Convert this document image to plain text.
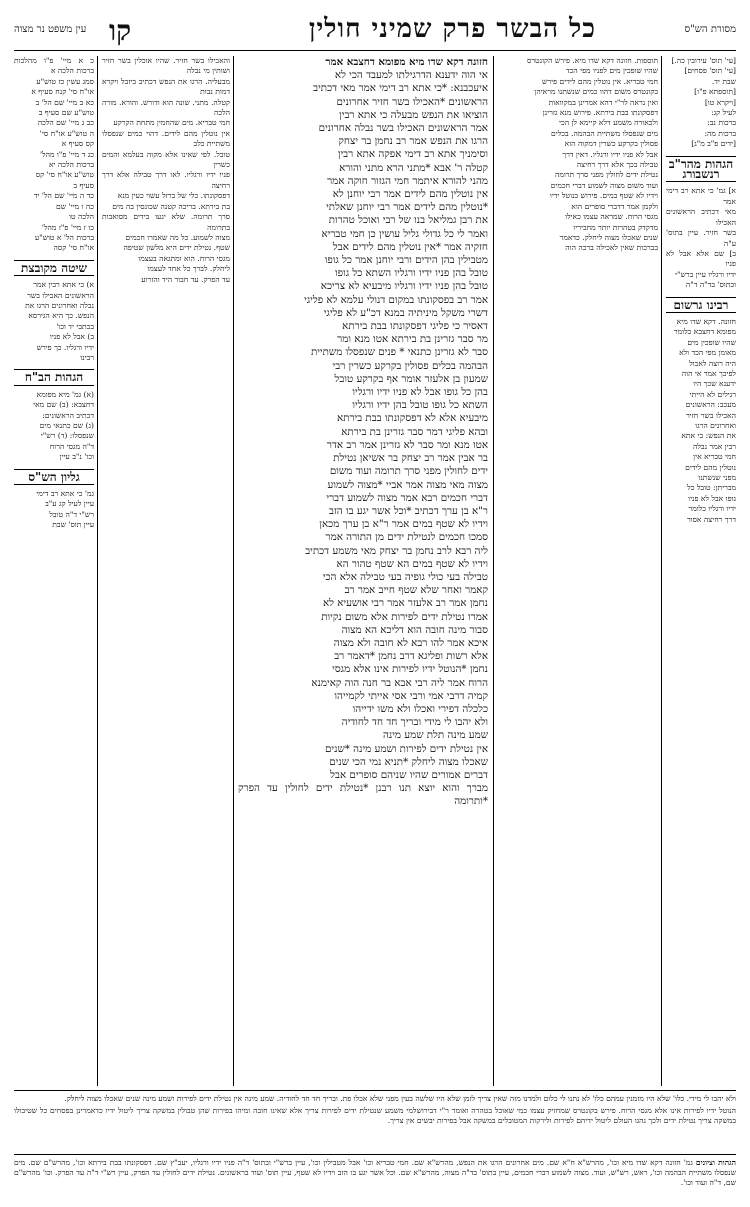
מסורת הש"ס
כל הבשר פרק שמיני חולין
קו
עין משפט נר מצוה
[עי' תוס' עירובין כה.]
[עי' תוס' פסחים]
שבת יד.
[תוספתא פ"ו]
[ויקרא טו]
לעיל קג:
ברכות נב:
ברכות מה:
[ידים פ"ב מ"ג]
הגהות מהר"ב רנשבורג
א] גמ' כי אתא רב דימי אמר
מאי דכתיב הראשונים האכילו
בשר חזיר. עיין בתוס' ע"ה
ב] שם אלא אבל לא פניו
ידיו ורגליו עיין ברש"י
ובתוס' בד"ה ד"ה
רבינו גרשום
חזונה. דקא שדו מיא
מפומא דחצבא כלומר
שהיו שופכין מים
מאומן מפי הכד ולא
היה רוצה לאכול
לפיכך אמר אי הוה
ידענא שכך היו
רגילים לא הייתי
מעכב: הראשונים
האכילו בשר חזיר
ואחרונים הרגו
את הנפש: כי אתא
רבין אמר נבלה
חמי טבריא אין
נוטלין מהם לידים
מפני שנשתנו
מבריתן: טובל כל
גופו אבל לא פניו
ידיו ורגליו כלומר
דרך רחיצה אסור
תוספות. חזונה דקא שדו מיא. פירש הקונטרס
שהיו שופכין מים לפניו מפי הכד
חמי טבריא. אין נוטלין מהם לידים פירש
בקונטרס משום דהוו כמים שנשתנו מראיהן
ואין נראה לר"י דהא אמרינן במקוואות
דפסקונתו בבת בירתא. פירוש מנא גזרינן
ולכאורה משמע דלא קיימא לן הכי
מים שנפסלו משתיית הבהמה. בכלים
פסולין בקרקע כשרין דמקוה הוא
אבל לא פניו ידיו ורגליו. דאין דרך
טבילה בכך אלא דרך רחיצה
נטילת ידים לחולין מפני סרך תרומה
ועוד משום מצוה לשמוע דברי חכמים
וידיו לא שטף במים. פירוש בנוטל ידיו
ולקמן אמר דדברי סופרים הוא
מגסי הרוח. שמראה עצמו כאילו
מדקדק בטהרות יותר מחביריו
שנים שאכלו מצוה ליחלק. כדאמר
בברכות שאין לאכילה ברכה הוה
חזונה דקא שדו מיא מפומא דחצבא אמר
אי הוה ידענא הדרגילתו למעבד הכי לא
איעכבנא: *כי אתא רב דימי אמר מאי דכתיב
הראשונים *האכילו בשר חזיר אחרונים
הוציאו את הנפש מבעלה כי אתא רבין
אמר הראשונים האכילו בשר נבלה אחרונים
הרגו את הנפש אמר רב נחמן בר יצחק
וסימניך אתא רב דימי אפקה אתא רבין
קטלה ר' אבא *מתני הרא מתני והורא
מהני להורא איתמר חמי הגזור חוקה אמר
אין נוטלין מהם לידים אמר רבי יוחנן לא
*נוטלין מהם לידים אמר רבי יוחנן שאלתי
את רבן גמליאל בנו של רבי ואוכל טהרות
ואמר לי כל גדולי גליל עושין כן חמי טבריא
חזקיה אמר *אין נוטלין מהם לידים אבל
מטבילין בהן הידים ורבי יוחנן אמר כל גופו
טובל בהן פניו ידיו ורגליו השתא כל גופו
טובל בהן פניו ידיו ורגליו מיבעיא לא צריכא
אמר רב בפסקונתו במקום דנולי עלמא לא פליגי
דשרי משקל מיניתיה במנא דכ"ע לא פליגי
דאסיר כי פליגי דפסקונתו בבת בירתא
מר סבר גזרינן בת בירתא אטו מנא ומר
סבר לא גזרינן כתנאי * פנים שנפסלו משתיית
הבהמה בכלים פסולין בקרקע כשרין רבי
שמעון בן אלעזר אומר אף בקרקע טובל
בהן כל גופו אבל לא פניו ידיו ורגליו
השתא כל גופו טובל בהן ידיו ורגליו
מיבעיא אלא לא דפסקונתו בבת בירתא
ובהא פליגי דמר סבר גזרינן בת בירתא
אטו מנא ומר סבר לא גזרינן אמר רב אדר
בר אבין אמר רב יצחק בר אשיאן נטילת
ידים לחולין מפני סרך תרומה ועוד משום
מצוה מאי מצוה אמר אביי *מצוה לשמוע
דברי חכמים רבא אמר מצוה לשמוע דברי
ר"א בן ערך דכתיב *וכל אשר יגע בו הזב
וידיו לא שטף במים אמר ר"א בן ערך מכאן
סמכו חכמים לנטילת ידים מן התורה אמר
ליה רבא לרב נחמן בר יצחק מאי משמע דכתיב
וידיו לא שטף במים הא שטף טהור הא
טבילה בעי כולי גופיה בעי טבילה אלא הכי
קאמר ואחר שלא שטף חייב אמר רב
נחמן אמר רב אלעזר אמר רבי אושעיא לא
אמרו נטילת ידים לפירות אלא משום נקיות
סבור מינה חובה הוא דליכא הא מצוה
איכא אמר להו רבא לא חובה ולא מצוה
אלא רשות ופליגא דרב נחמן *דאמר רב
נחמן *הנוטל ידיו לפירות אינו אלא מגסי
הרוח אמר ליה רבי אבא בר חנה הוה קאימנא
קמיה דרבי אמי ורבי אסי אייתי לקמייהו
כלכלה דפירי ואכלו ולא משו ידייהו
ולא יהבו לי מידי ובריך חד חד לחודיה
שמע מינה תלת שמע מינה
אין נטילת ידים לפירות ושמע מינה *שנים
שאכלו מצוה ליחלק *תניא נמי הכי שנים
דברים אמורים שהיו שניהם סופרים אבל
מברך והוא יוצא תנו רבנן *נטילת ידים לחולין עד הפרק *ותרומה
והאכילו בשר חזיר. שהיו אוכלין בשר חזיר ושותין מי נבלה
מבעליה. הרגו את הנפש דכתיב ביזבל ויקרא דמות נבות
קטלה. מתני. שונה הוא ודורש. והורא. מורה הלכה
חמי טבריא. מים שהחמין מתחת הקרקע
אין נוטלין מהם לידים. דהוי כמים שנפסלו משתיית כלב
טובל. לפי שאינו אלא מקוה בעלמא והמים כשרין
פניו ידיו ורגליו. לאו דרך טבילה אלא דרך רחיצה
דפסקונתו. כלי של ברזל עשוי כעין מנא
בת בירתא. בריכה קטנה שכונסין בה מים
סרך תרומה. שלא יגעו בידים מסואבות בתרומה
מצוה לשמוע. כל מה שאמרו חכמים
שטף. נטילת ידים היא מלשון שטיפה
מגסי הרוח. הוא ומתגאה בעצמו
ליחלק. לברך כל אחד לעצמו
עד הפרק. עד חבור היד והזרוע
כ א מיי' פ"ו מהלכות ברכות הלכה א
סמג עשין כז טוש"ע
או"ח סי' קנח סעיף א
כא ב מיי' שם הל' ב
טוש"ע שם סעיף ב
כב ג מיי' שם הלכה
ה טוש"ע או"ח סי'
קס סעיף א
כג ד מיי' פ"ו מהל'
ברכות הלכה יא
טוש"ע או"ח סי' קס
סעיף ב
כד ה מיי' שם הל' יד
כה ו מיי' שם
הלכה טו
כו ז מיי' פ"ז מהל'
ברכות הל' א טוש"ע
או"ח סי' קסה
שיטה מקובצת
א) כי אתא רבין אמר
הראשונים האכילו בשר
נבלה ואחרונים הרגו את
הנפש. כך היא הגירסא
בכתבי יד וכו'
ב) אבל לא פניו
ידיו ורגליו. כך פירש
רבינו
הגהות הב"ח
(א) גמ' מיא מפומא
דחצבא: (ב) שם מאי
דכתיב הראשונים:
(ג) שם כתנאי מים
שנפסלו: (ד) רש"י
ד"ה מגסי הרוח
וכו' נ"ב עיין
גליון הש"ס
גמ' כי אתא רב דימי
עיין לעיל קג ע"ב
רש"י ד"ה טובל
עיין תוס' שבת

ולא יהבו לי מידי. כלו' שלא היו מזמנין עמהם כלו' לא נתנו לי כלום ולמדנו מזה שאין צריך לזמן שלא היו שלשה בעין מפני שלא אכלו פת. ובריך חד חד לחודיה. שמע מינה אין נטילת ידים לפירות ושמע מינה שנים שאכלו מצוה ליחלק.

הנוטל ידיו לפירות אינו אלא מגסי הרוח. פירש בקונטרס שמחזיק עצמו כמי שאוכל בטהרה ואומר ר"י דבירושלמי משמע שנטילת ידים לפירות צריך אלא שאינו חובה ומיהו בפירות שהן טבולין במשקה צריך ליטול ידיו כדאמרינן בפסחים כל שטיבולו במשקה צריך נטילת ידים ולכך נהגו העולם ליטול ידיהם לפירות ולירקות המטובלים במשקה אבל בפירות יבשים אין צריך.

הגהות וציונים גמ' חזונה דקא שדו מיא וכו', מהרש"א ח"א שם. מים אחרונים הרגו את הנפש, מהרש"א שם. חמי טבריא וכו' אבל מטבילין וכו', עיין ברש"י ובתוס' ד"ה פניו ידיו ורגליו, יעב"ץ שם. דפסקונתו בבת בירתא וכו', מהרש"ם שם. מים שנפסלו משתיית הבהמה וכו', ראש, רש"ש, ועוד. מצוה לשמוע דברי חכמים, עיין בתוס' בד"ה מצוה, מהרש"א שם. וכל אשר יגע בו הזב וידיו לא שטף, עיין תוס' ועוד בראשונים. נטילת ידים לחולין עד הפרק, עיין רש"י ד"ה עד הפרק. וכו' מהרש"ם שם, ד"ה ועוד וכו'.
